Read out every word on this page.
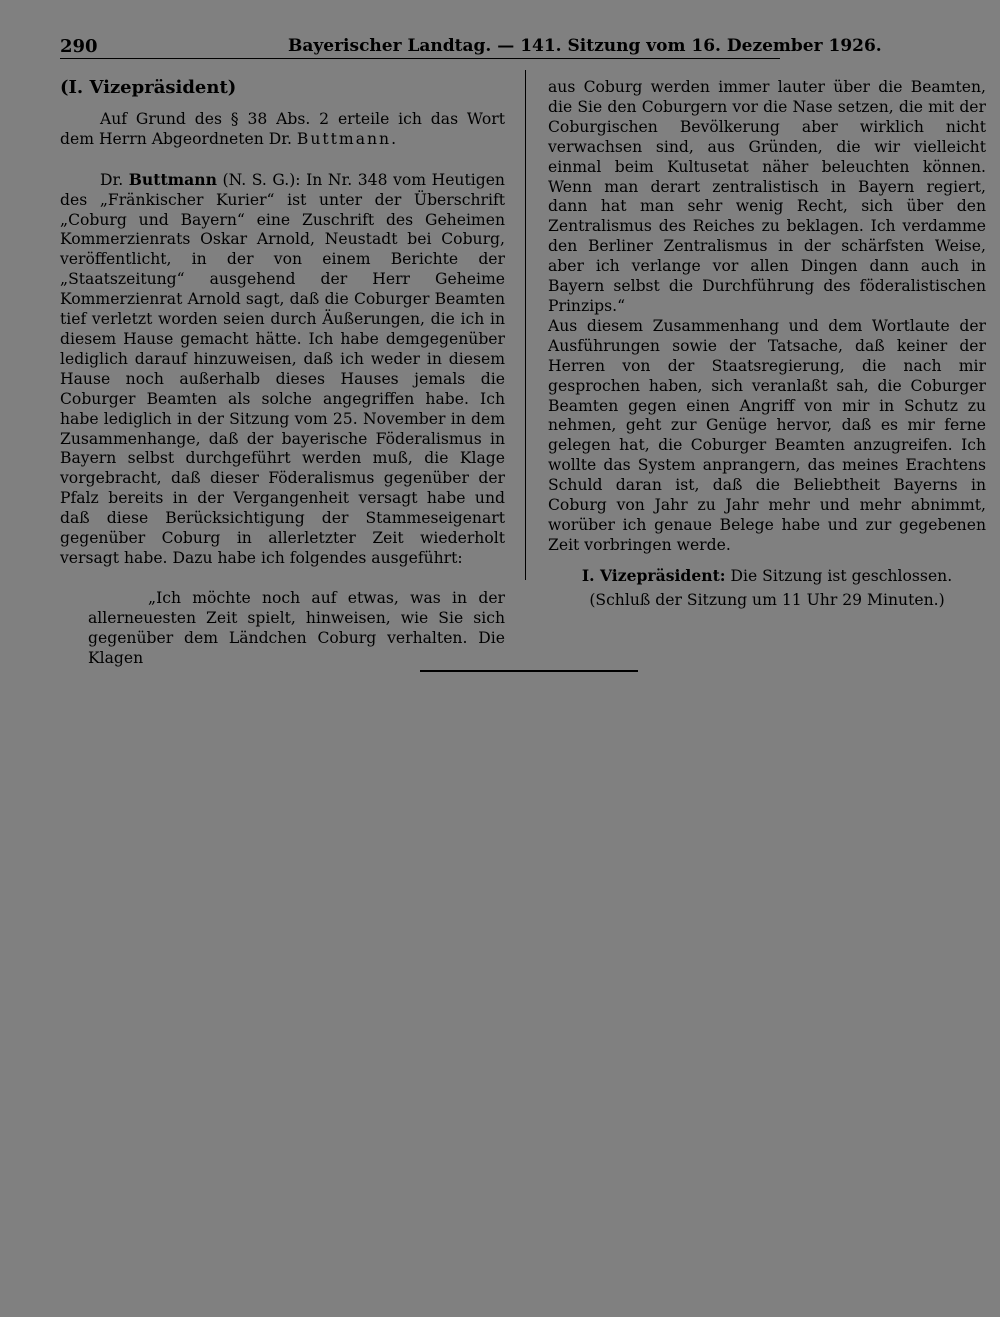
290	Bayerischer Landtag. — 141. Sitzung vom 16. Dezember 1926.

(I. Vizepräsident)

Auf Grund des § 38 Abs. 2 erteile ich das Wort dem Herrn Abgeordneten Dr. Buttmann.

Dr. Buttmann (N. S. G.): In Nr. 348 vom Heutigen des „Fränkischer Kurier“ ist unter der Überschrift „Coburg und Bayern“ eine Zuschrift des Geheimen Kommerzienrats Oskar Arnold, Neustadt bei Coburg, veröffentlicht, in der von einem Berichte der „Staatszeitung“ ausgehend der Herr Geheime Kommerzienrat Arnold sagt, daß die Coburger Beamten tief verletzt worden seien durch Äußerungen, die ich in diesem Hause gemacht hätte. Ich habe demgegenüber lediglich darauf hinzuweisen, daß ich weder in diesem Hause noch außerhalb dieses Hauses jemals die Coburger Beamten als solche angegriffen habe. Ich habe lediglich in der Sitzung vom 25. November in dem Zusammenhange, daß der bayerische Föderalismus in Bayern selbst durchgeführt werden muß, die Klage vorgebracht, daß dieser Föderalismus gegenüber der Pfalz bereits in der Vergangenheit versagt habe und daß diese Berücksichtigung der Stammeseigenart gegenüber Coburg in allerletzter Zeit wiederholt versagt habe. Dazu habe ich folgendes ausgeführt:

„Ich möchte noch auf etwas, was in der allerneuesten Zeit spielt, hinweisen, wie Sie sich gegenüber dem Ländchen Coburg verhalten. Die Klagen

aus Coburg werden immer lauter über die Beamten, die Sie den Coburgern vor die Nase setzen, die mit der Coburgischen Bevölkerung aber wirklich nicht verwachsen sind, aus Gründen, die wir vielleicht einmal beim Kultusetat näher beleuchten können. Wenn man derart zentralistisch in Bayern regiert, dann hat man sehr wenig Recht, sich über den Zentralismus des Reiches zu beklagen. Ich verdamme den Berliner Zentralismus in der schärfsten Weise, aber ich verlange vor allen Dingen dann auch in Bayern selbst die Durchführung des föderalistischen Prinzips.“

Aus diesem Zusammenhang und dem Wortlaute der Ausführungen sowie der Tatsache, daß keiner der Herren von der Staatsregierung, die nach mir gesprochen haben, sich veranlaßt sah, die Coburger Beamten gegen einen Angriff von mir in Schutz zu nehmen, geht zur Genüge hervor, daß es mir ferne gelegen hat, die Coburger Beamten anzugreifen. Ich wollte das System anprangern, das meines Erachtens Schuld daran ist, daß die Beliebtheit Bayerns in Coburg von Jahr zu Jahr mehr und mehr abnimmt, worüber ich genaue Belege habe und zur gegebenen Zeit vorbringen werde.

I. Vizepräsident: Die Sitzung ist geschlossen.

(Schluß der Sitzung um 11 Uhr 29 Minuten.)
